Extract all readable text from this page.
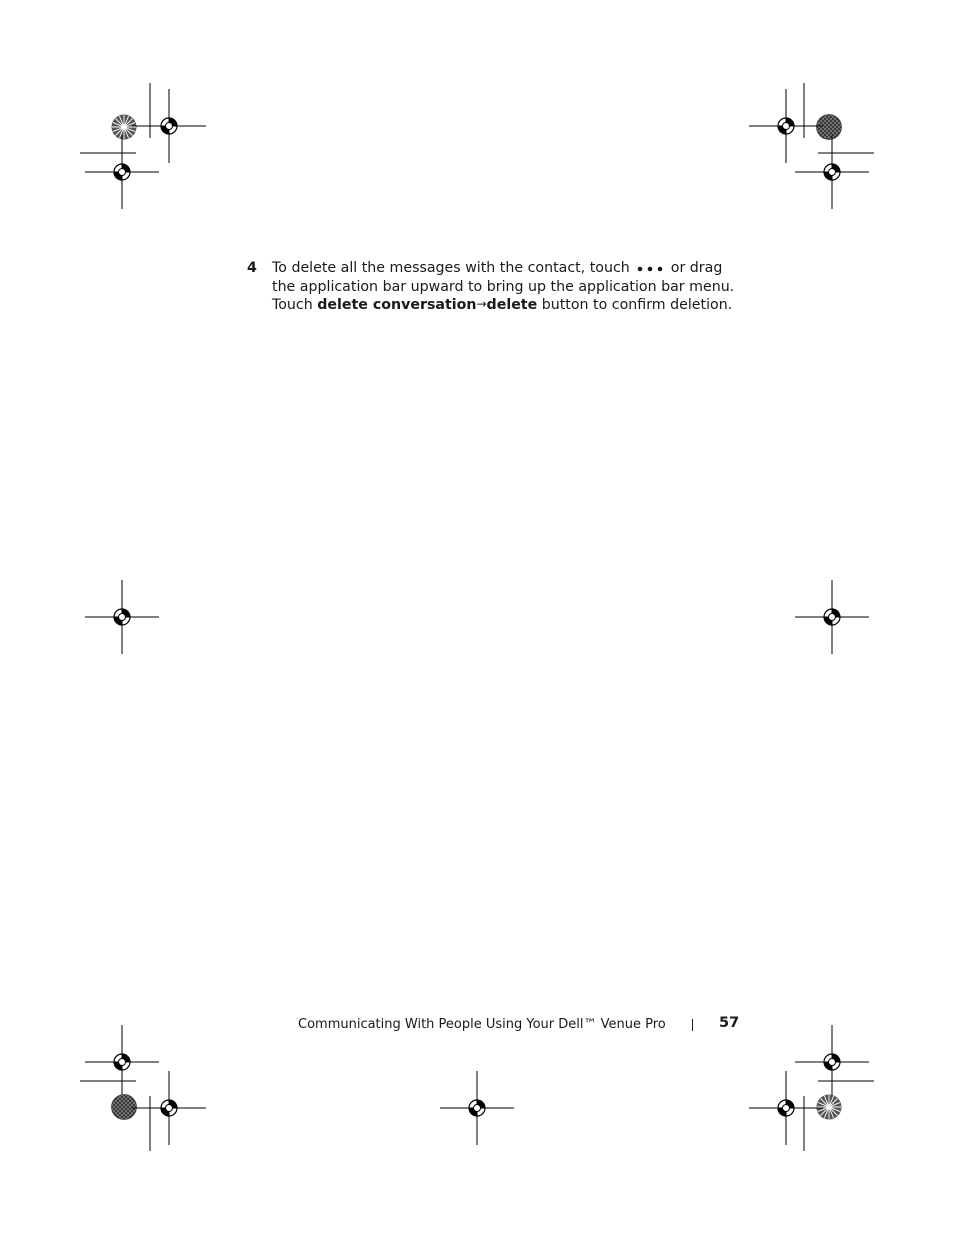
4 To delete all the messages with the contact, touch	or drag the application bar upward to bring up the application bar menu. Touch delete conversation→delete button to confirm deletion.
Communicating With People Using Your Dell™ Venue Pro	57
